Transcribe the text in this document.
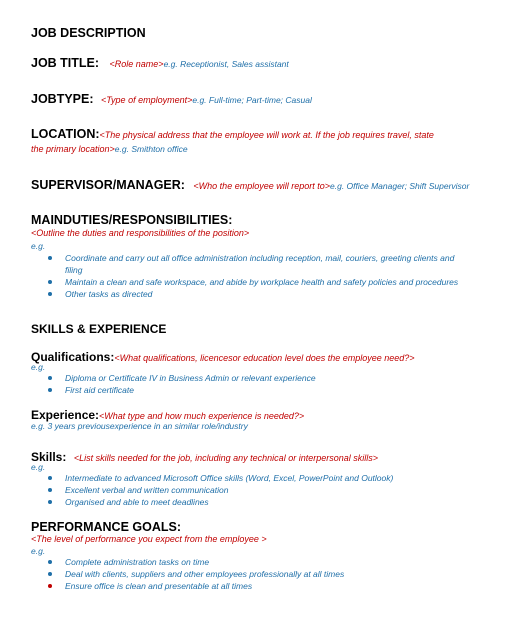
JOB DESCRIPTION
JOB TITLE: <Role name>e.g. Receptionist, Sales assistant
JOBTYPE: <Type of employment>e.g. Full-time; Part-time; Casual
LOCATION:<The physical address that the employee will work at. If the job requires travel, state
the primary location>e.g. Smithton office
SUPERVISOR/MANAGER: <Who the employee will report to>e.g. Office Manager; Shift Supervisor
MAINDUTIES/RESPONSIBILITIES:
<Outline the duties and responsibilities of the position>
e.g.
Coordinate and carry out all office administration including reception, mail, couriers, greeting clients and filing
Maintain a clean and safe workspace, and abide by workplace health and safety policies and procedures
Other tasks as directed
SKILLS & EXPERIENCE
Qualifications:<What qualifications, licencesor education level does the employee need?>
e.g.
Diploma or Certificate IV in Business Admin or relevant experience
First aid certificate
Experience:<What type and how much experience is needed?>
e.g. 3 years previousexperience in an similar role/industry
Skills: <List skills needed for the job, including any technical or interpersonal skills>
e.g.
Intermediate to advanced Microsoft Office skills (Word, Excel, PowerPoint and Outlook)
Excellent verbal and written communication
Organised and able to meet deadlines
PERFORMANCE GOALS:
<The level of performance you expect from the employee >
e.g.
Complete administration tasks on time
Deal with clients, suppliers and other employees professionally at all times
Ensure office is clean and presentable at all times
